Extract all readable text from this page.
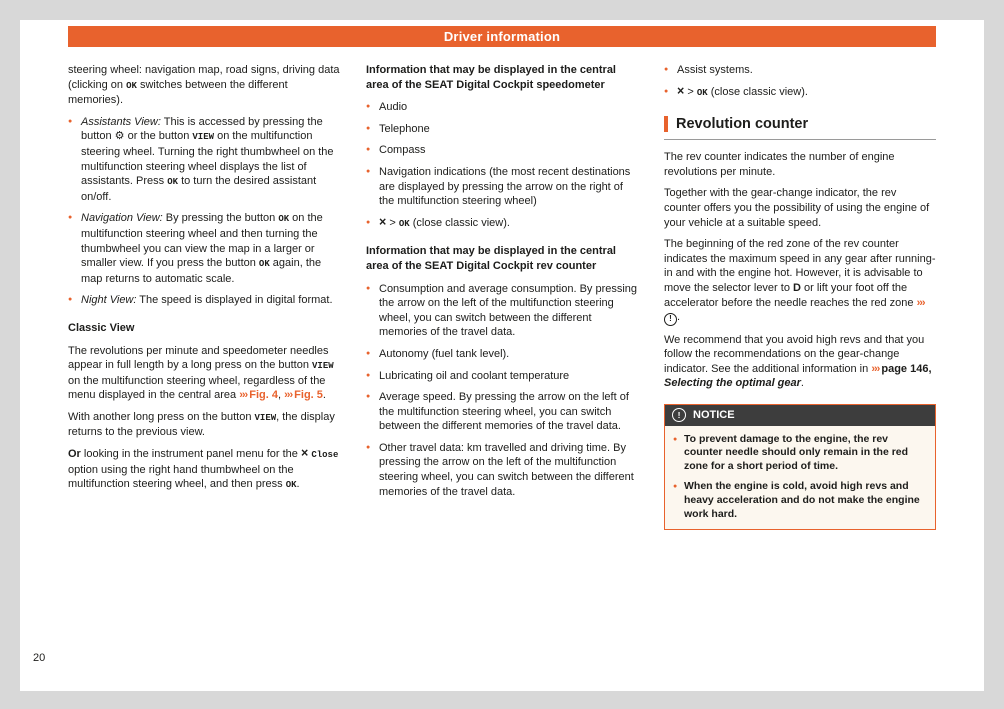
Driver information
steering wheel: navigation map, road signs, driving data (clicking on OK switches between the different memories).
● Assistants View: This is accessed by pressing the button ⚙ or the button VIEW on the multifunction steering wheel. Turning the right thumbwheel on the multifunction steering wheel displays the list of assistants. Press OK to turn the desired assistant on/off.
● Navigation View: By pressing the button OK on the multifunction steering wheel and then turning the thumbwheel you can view the map in a larger or smaller view. If you press the button OK again, the map returns to automatic scale.
● Night View: The speed is displayed in digital format.
Classic View
The revolutions per minute and speedometer needles appear in full length by a long press on the button VIEW on the multifunction steering wheel, regardless of the menu displayed in the central area ››› Fig. 4, ››› Fig. 5.
With another long press on the button VIEW, the display returns to the previous view.
Or looking in the instrument panel menu for the × Close option using the right hand thumbwheel on the multifunction steering wheel, and then press OK.
Information that may be displayed in the central area of the SEAT Digital Cockpit speedometer
● Audio
● Telephone
● Compass
● Navigation indications (the most recent destinations are displayed by pressing the arrow on the right of the multifunction steering wheel)
● × > OK (close classic view).
Information that may be displayed in the central area of the SEAT Digital Cockpit rev counter
● Consumption and average consumption. By pressing the arrow on the left of the multifunction steering wheel, you can switch between the different memories of the travel data.
● Autonomy (fuel tank level).
● Lubricating oil and coolant temperature
● Average speed. By pressing the arrow on the left of the multifunction steering wheel, you can switch between the different memories of the travel data.
● Other travel data: km travelled and driving time. By pressing the arrow on the left of the multifunction steering wheel, you can switch between the different memories of the travel data.
● Assist systems.
● × > OK (close classic view).
Revolution counter
The rev counter indicates the number of engine revolutions per minute.
Together with the gear-change indicator, the rev counter offers you the possibility of using the engine of your vehicle at a suitable speed.
The beginning of the red zone of the rev counter indicates the maximum speed in any gear after running-in and with the engine hot. However, it is advisable to move the selector lever to D or lift your foot off the accelerator before the needle reaches the red zone ››› ! .
We recommend that you avoid high revs and that you follow the recommendations on the gear-change indicator. See the additional information in ››› page 146, Selecting the optimal gear.
!	NOTICE
● To prevent damage to the engine, the rev counter needle should only remain in the red zone for a short period of time.
● When the engine is cold, avoid high revs and heavy acceleration and do not make the engine work hard.
20
